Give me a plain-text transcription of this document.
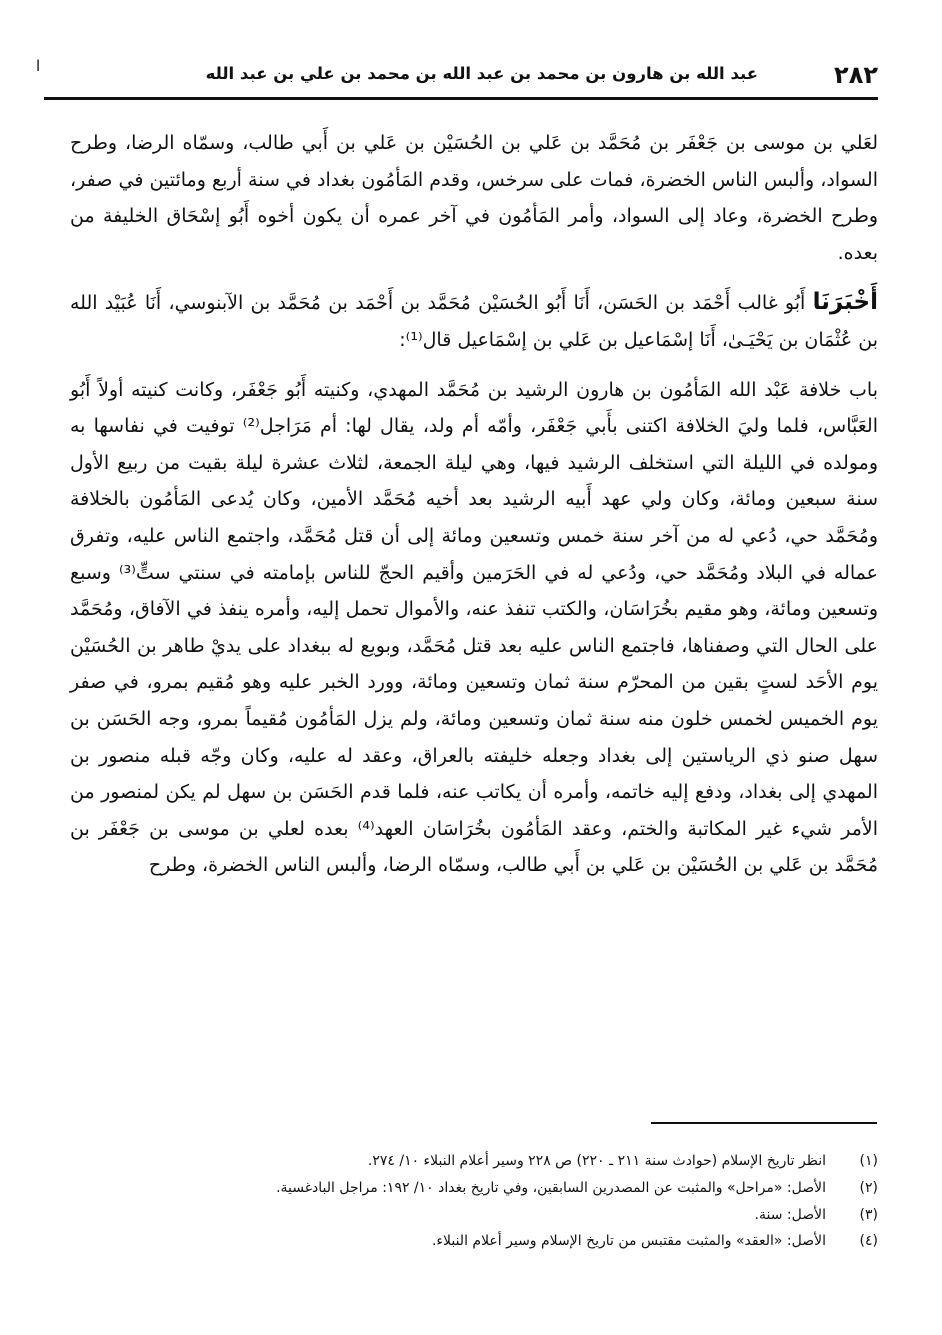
٢٨٢
عبد الله بن هارون بن محمد بن عبد الله بن محمد بن علي بن عبد الله
ا

لعَلي بن موسى بن جَعْفَر بن مُحَمَّد بن عَلي بن الحُسَيْن بن عَلي بن أَبي طالب، وسمّاه الرضا، وطرح السواد، وألبس الناس الخضرة، فمات على سرخس، وقدم المَأمُون بغداد في سنة أربع ومائتين في صفر، وطرح الخضرة، وعاد إلى السواد، وأمر المَأمُون في آخر عمره أن يكون أخوه أَبُو إسْحَاق الخليفة من بعده.

أَخْبَرَنَا أَبُو غالب أَحْمَد بن الحَسَن، أَنَا أَبُو الحُسَيْن مُحَمَّد بن أَحْمَد بن مُحَمَّد بن الآبنوسي، أَنَا عُبَيْد الله بن عُثْمَان بن يَحْيَـىٰ، أَنَا إسْمَاعيل بن عَلي بن إسْمَاعيل قال⁽¹⁾:

باب خلافة عَبْد الله المَأمُون بن هارون الرشيد بن مُحَمَّد المهدي، وكنيته أَبُو جَعْفَر، وكانت كنيته أولاً أَبُو العَبَّاس، فلما وليَ الخلافة اكتنى بأَبي جَعْفَر، وأمّه أم ولد، يقال لها: أم مَرَاجل⁽²⁾ توفيت في نفاسها به ومولده في الليلة التي استخلف الرشيد فيها، وهي ليلة الجمعة، لثلاث عشرة ليلة بقيت من ربيع الأول سنة سبعين ومائة، وكان ولي عهد أَبيه الرشيد بعد أخيه مُحَمَّد الأمين، وكان يُدعى المَأمُون بالخلافة ومُحَمَّد حي، دُعي له من آخر سنة خمس وتسعين ومائة إلى أن قتل مُحَمَّد، واجتمع الناس عليه، وتفرق عماله في البلاد ومُحَمَّد حي، ودُعي له في الحَرَمين وأقيم الحجّ للناس بإمامته في سنتي ستٍّ⁽³⁾ وسبع وتسعين ومائة، وهو مقيم بخُرَاسَان، والكتب تنفذ عنه، والأموال تحمل إليه، وأمره ينفذ في الآفاق، ومُحَمَّد على الحال التي وصفناها، فاجتمع الناس عليه بعد قتل مُحَمَّد، وبويع له ببغداد على يديْ طاهر بن الحُسَيْن يوم الأحَد لستٍ بقين من المحرّم سنة ثمان وتسعين ومائة، وورد الخبر عليه وهو مُقيم بمرو، في صفر يوم الخميس لخمس خلون منه سنة ثمان وتسعين ومائة، ولم يزل المَأمُون مُقيماً بمرو، وجه الحَسَن بن سهل صنو ذي الرياستين إلى بغداد وجعله خليفته بالعراق، وعقد له عليه، وكان وجّه قبله منصور بن المهدي إلى بغداد، ودفع إليه خاتمه، وأمره أن يكاتب عنه، فلما قدم الحَسَن بن سهل لم يكن لمنصور من الأمر شيء غير المكاتبة والختم، وعقد المَأمُون بخُرَاسَان العهد⁽⁴⁾ بعده لعلي بن موسى بن جَعْفَر بن مُحَمَّد بن عَلي بن الحُسَيْن بن عَلي بن أَبي طالب، وسمّاه الرضا، وألبس الناس الخضرة، وطرح

(١)
انظر تاريخ الإسلام (حوادث سنة ٢١١ ـ ٢٢٠) ص ٢٢٨ وسير أعلام النبلاء ١٠/ ٢٧٤.
(٢)
الأصل: «مراحل» والمثبت عن المصدرين السابقين، وفي تاريخ بغداد ١٠/ ١٩٢: مراجل البادغسية.
(٣)
الأصل: سنة.
(٤)
الأصل: «العقد» والمثبت مقتبس من تاريخ الإسلام وسير أعلام النبلاء.
